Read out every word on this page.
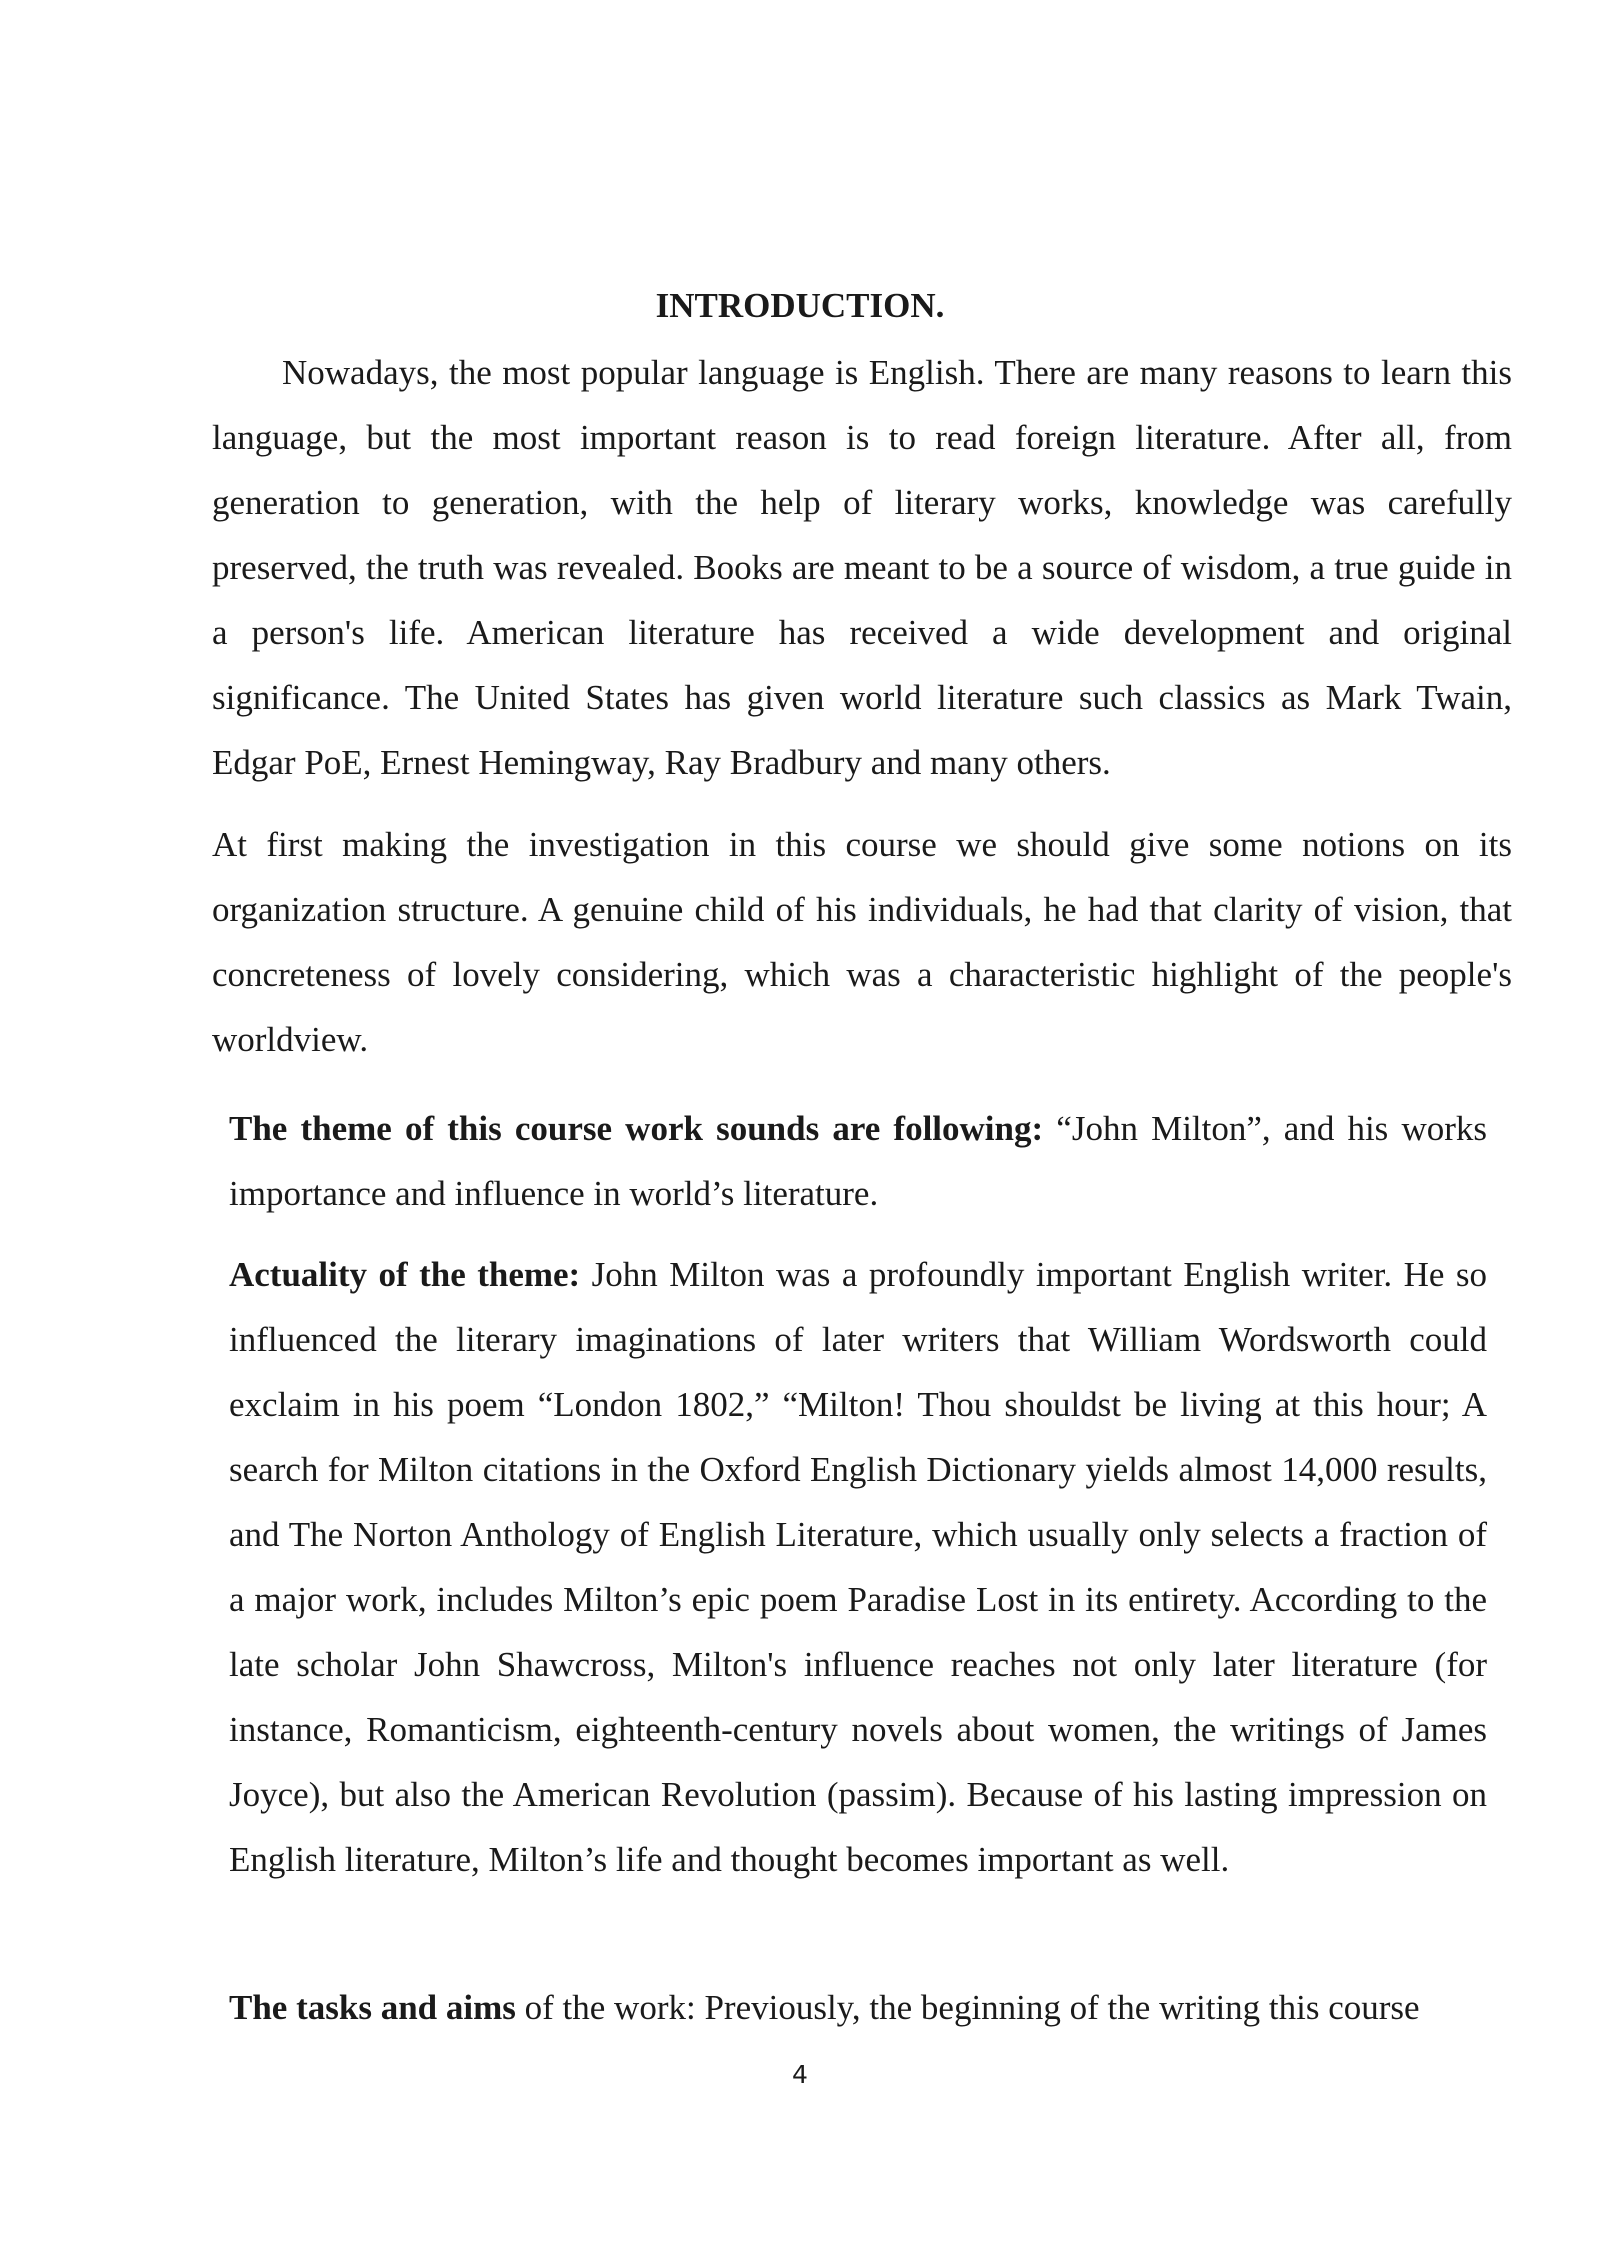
INTRODUCTION.

Nowadays, the most popular language is English. There are many reasons to learn this language, but the most important reason is to read foreign literature. After all, from generation to generation, with the help of literary works, knowledge was carefully preserved, the truth was revealed. Books are meant to be a source of wisdom, a true guide in a person's life. American literature has received a wide development and original significance. The United States has given world literature such classics as Mark Twain, Edgar PoE, Ernest Hemingway, Ray Bradbury and many others.

At first making the investigation in this course we should give some notions on its organization structure. A genuine child of his individuals, he had that clarity of vision, that concreteness of lovely considering, which was a characteristic highlight of the people's worldview.

The theme of this course work sounds are following: “John Milton”, and his works importance and influence in world’s literature.

Actuality of the theme: John Milton was a profoundly important English writer. He so influenced the literary imaginations of later writers that William Wordsworth could exclaim in his poem “London 1802,” “Milton! Thou shouldst be living at this hour; A search for Milton citations in the Oxford English Dictionary yields almost 14,000 results, and The Norton Anthology of English Literature, which usually only selects a fraction of a major work, includes Milton’s epic poem Paradise Lost in its entirety. According to the late scholar John Shawcross, Milton's influence reaches not only later literature (for instance, Romanticism, eighteenth-century novels about women, the writings of James Joyce), but also the American Revolution (passim). Because of his lasting impression on English literature, Milton’s life and thought becomes important as well.

The tasks and aims of the work: Previously, the beginning of the writing this course

4
